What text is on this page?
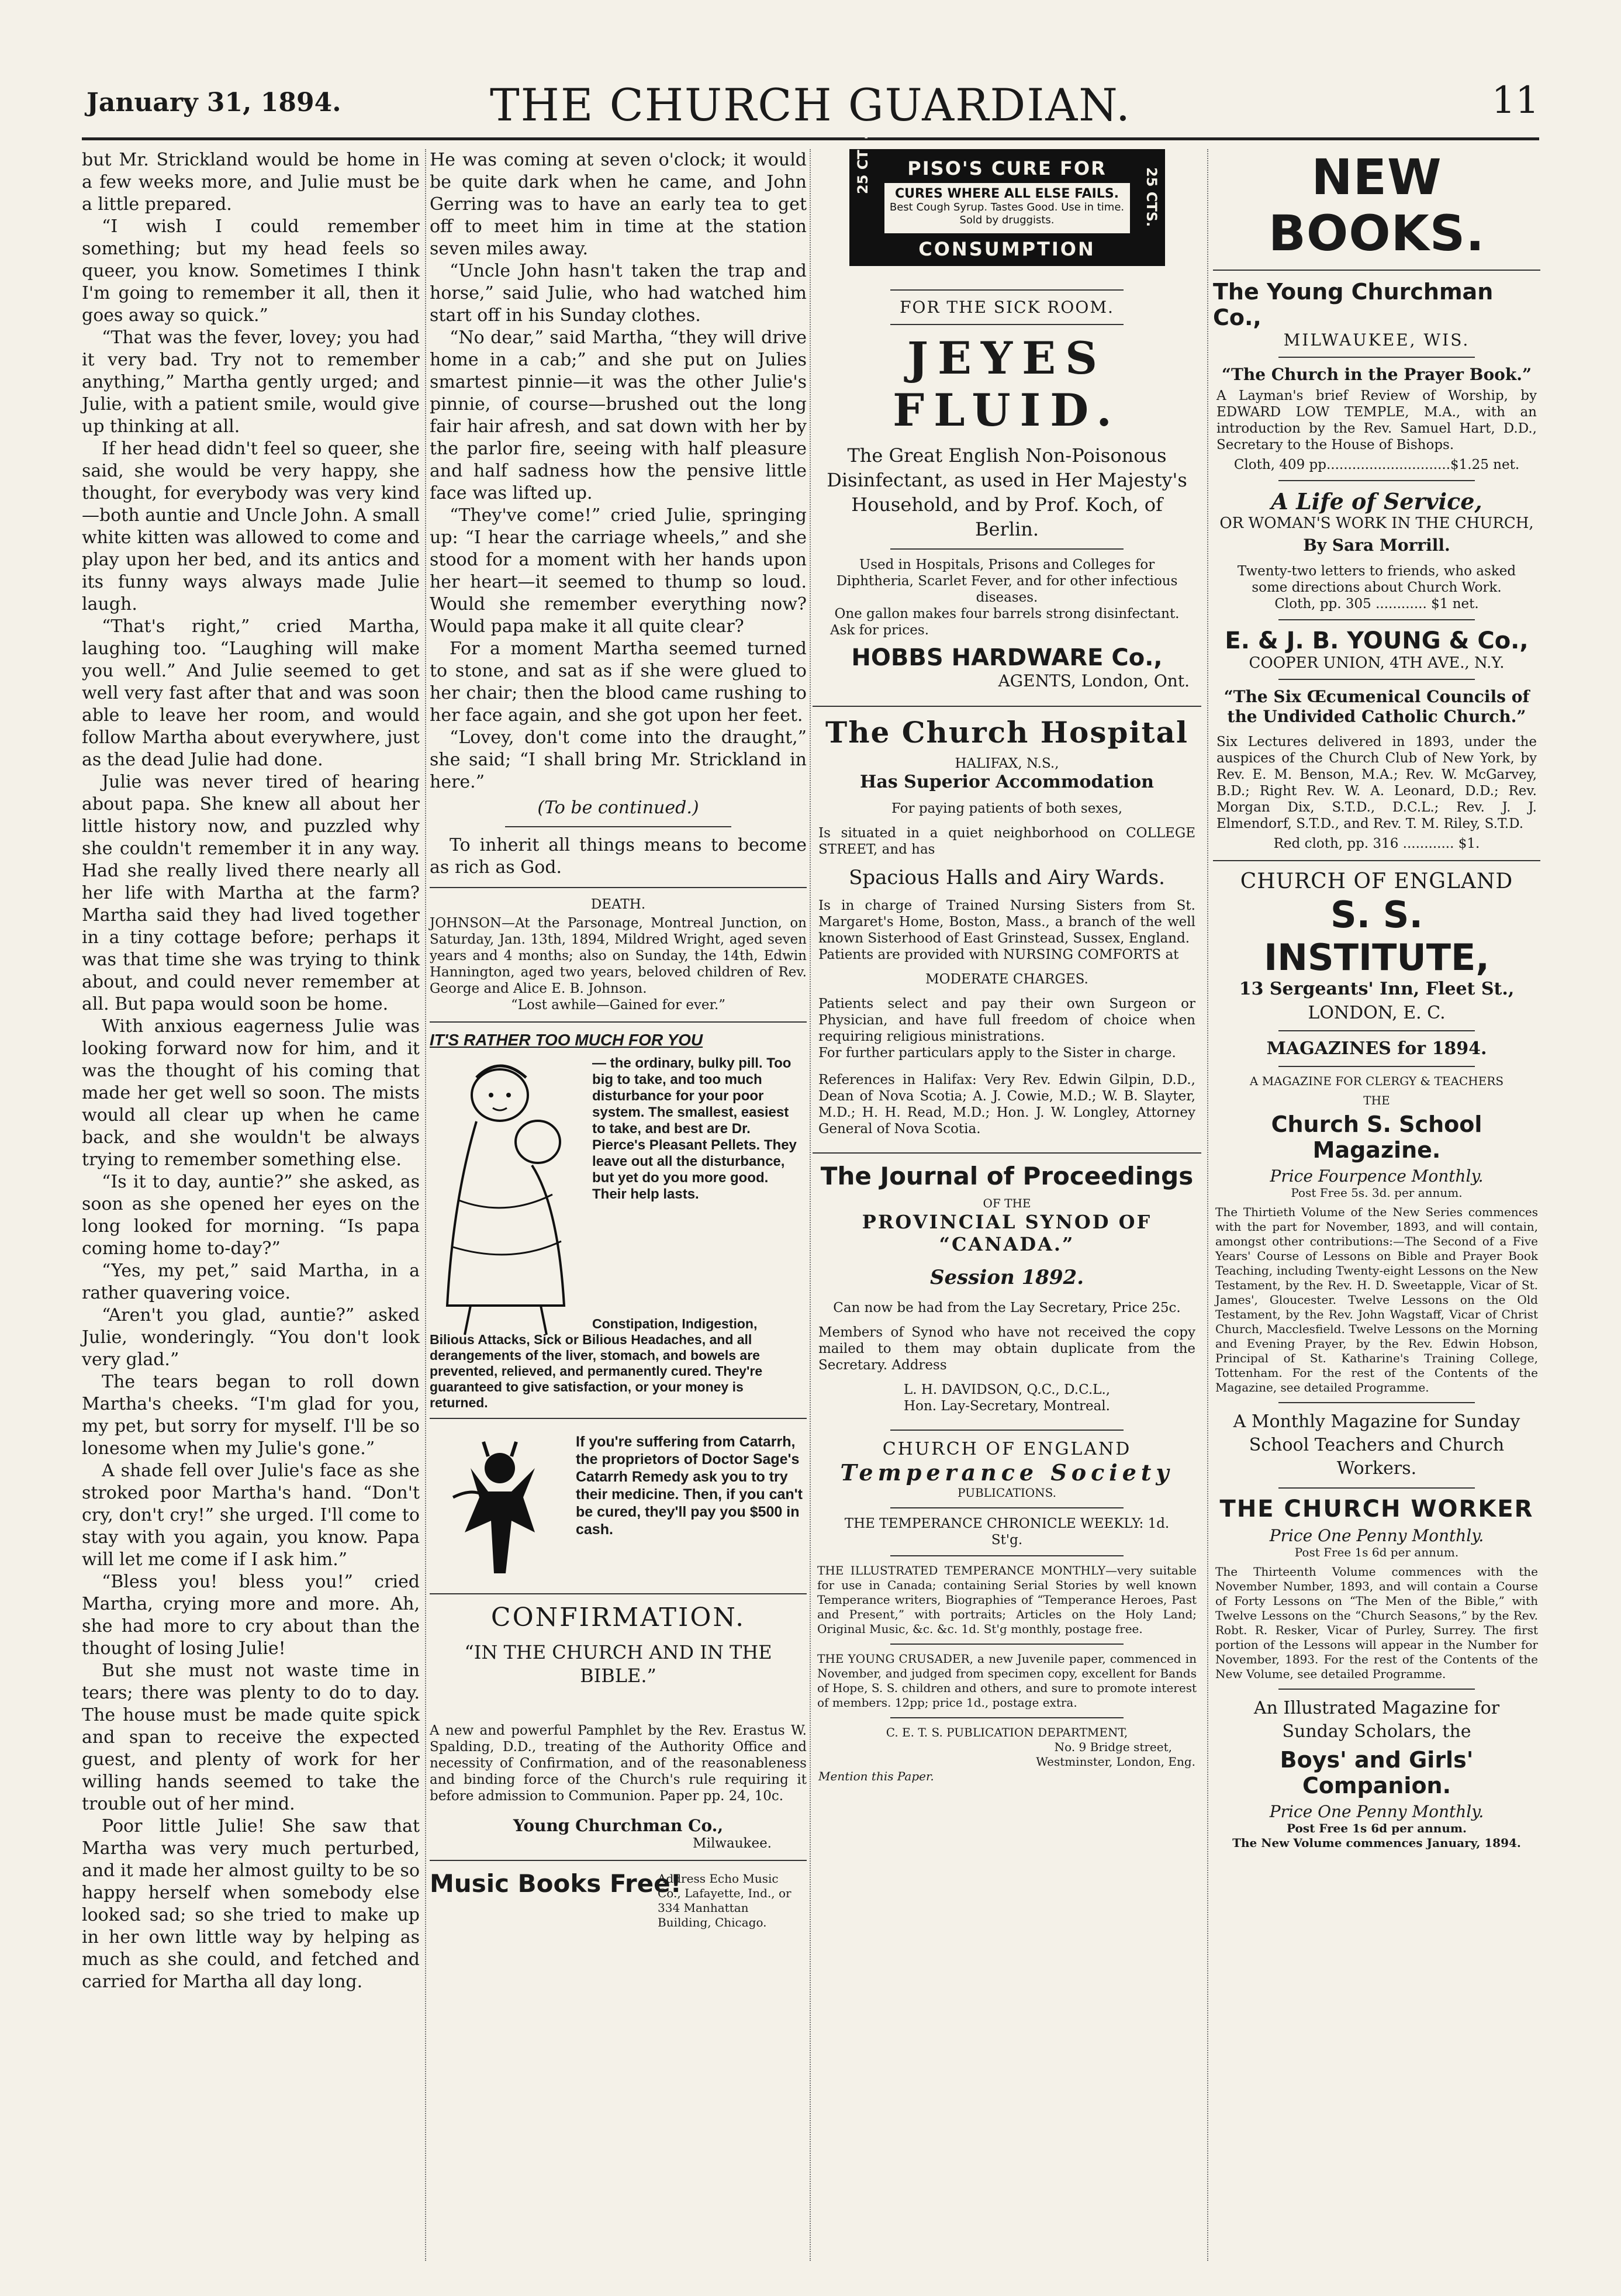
January 31, 1894.	THE CHURCH GUARDIAN.	11

but Mr. Strickland would be home in a few weeks more, and Julie must be a little prepared.

“I wish I could remember something; but my head feels so queer, you know. Sometimes I think I'm going to remember it all, then it goes away so quick.”

“That was the fever, lovey; you had it very bad. Try not to remember anything,” Martha gently urged; and Julie, with a patient smile, would give up thinking at all.

If her head didn't feel so queer, she said, she would be very happy, she thought, for everybody was very kind—both auntie and Uncle John. A small white kitten was allowed to come and play upon her bed, and its antics and its funny ways always made Julie laugh.

“That's right,” cried Martha, laughing too. “Laughing will make you well.” And Julie seemed to get well very fast after that and was soon able to leave her room, and would follow Martha about everywhere, just as the dead Julie had done.

Julie was never tired of hearing about papa. She knew all about her little history now, and puzzled why she couldn't remember it in any way. Had she really lived there nearly all her life with Martha at the farm? Martha said they had lived together in a tiny cottage before; perhaps it was that time she was trying to think about, and could never remember at all. But papa would soon be home.

With anxious eagerness Julie was looking forward now for him, and it was the thought of his coming that made her get well so soon. The mists would all clear up when he came back, and she wouldn't be always trying to remember something else.

“Is it to day, auntie?” she asked, as soon as she opened her eyes on the long looked for morning. “Is papa coming home to-day?”

“Yes, my pet,” said Martha, in a rather quavering voice.

“Aren't you glad, auntie?” asked Julie, wonderingly. “You don't look very glad.”

The tears began to roll down Martha's cheeks. “I'm glad for you, my pet, but sorry for myself. I'll be so lonesome when my Julie's gone.”

A shade fell over Julie's face as she stroked poor Martha's hand. “Don't cry, don't cry!” she urged. I'll come to stay with you again, you know. Papa will let me come if I ask him.”

“Bless you! bless you!” cried Martha, crying more and more. Ah, she had more to cry about than the thought of losing Julie!

But she must not waste time in tears; there was plenty to do to day. The house must be made quite spick and span to receive the expected guest, and plenty of work for her willing hands seemed to take the trouble out of her mind.

Poor little Julie! She saw that Martha was very much perturbed, and it made her almost guilty to be so happy herself when somebody else looked sad; so she tried to make up in her own little way by helping as much as she could, and fetched and carried for Martha all day long.

He was coming at seven o'clock; it would be quite dark when he came, and John Gerring was to have an early tea to get off to meet him in time at the station seven miles away.

“Uncle John hasn't taken the trap and horse,” said Julie, who had watched him start off in his Sunday clothes.

“No dear,” said Martha, “they will drive home in a cab;” and she put on Julies smartest pinnie—it was the other Julie's pinnie, of course—brushed out the long fair hair afresh, and sat down with her by the parlor fire, seeing with half pleasure and half sadness how the pensive little face was lifted up.

“They've come!” cried Julie, springing up: “I hear the carriage wheels,” and she stood for a moment with her hands upon her heart—it seemed to thump so loud. Would she remember everything now? Would papa make it all quite clear?

For a moment Martha seemed turned to stone, and sat as if she were glued to her chair; then the blood came rushing to her face again, and she got upon her feet.

“Lovey, don't come into the draught,” she said; “I shall bring Mr. Strickland in here.”

(To be continued.)

To inherit all things means to become as rich as God.

DEATH.
JOHNSON—At the Parsonage, Montreal Junction, on Saturday, Jan. 13th, 1894, Mildred Wright, aged seven years and 4 months; also on Sunday, the 14th, Edwin Hannington, aged two years, beloved children of Rev. George and Alice E. B. Johnson.
“Lost awhile—Gained for ever.”
IT'S RATHER TOO MUCH FOR YOU
— the ordinary, bulky pill. Too big to take, and too much disturbance for your poor system. The smallest, easiest to take, and best are Dr. Pierce's Pleasant Pellets. They leave out all the disturbance, but yet do you more good. Their help lasts.
Constipation, Indigestion, Bilious Attacks, Sick or Bilious Headaches, and all derangements of the liver, stomach, and bowels are prevented, relieved, and permanently cured. They're guaranteed to give satisfaction, or your money is returned.
If you're suffering from Catarrh, the proprietors of Doctor Sage's Catarrh Remedy ask you to try their medicine. Then, if you can't be cured, they'll pay you $500 in cash.
CONFIRMATION.
“IN THE CHURCH AND IN THE BIBLE.”
A new and powerful Pamphlet by the Rev. Erastus W. Spalding, D.D., treating of the Authority Office and necessity of Confirmation, and of the reasonableness and binding force of the Church's rule requiring it before admission to Communion. Paper pp. 24, 10c.
Young Churchman Co.,
Milwaukee.
Music Books Free!
Address Echo Music Co., Lafayette, Ind., or 334 Manhattan Building, Chicago.
25 CTS.
25 CTS.
PISO'S CURE FOR
CURES WHERE ALL ELSE FAILS.
Best Cough Syrup. Tastes Good. Use in time. Sold by druggists.
CONSUMPTION
FOR THE SICK ROOM.
JEYES FLUID.
The Great English Non-Poisonous Disinfectant, as used in Her Majesty's Household, and by Prof. Koch, of Berlin.
Used in Hospitals, Prisons and Colleges for Diphtheria, Scarlet Fever, and for other infectious diseases.
One gallon makes four barrels strong disinfectant.
Ask for prices.
HOBBS HARDWARE Co.,
AGENTS, London, Ont.
The Church Hospital
HALIFAX, N.S.,
Has Superior Accommodation
For paying patients of both sexes,
Is situated in a quiet neighborhood on COLLEGE STREET, and has
Spacious Halls and Airy Wards.
Is in charge of Trained Nursing Sisters from St. Margaret's Home, Boston, Mass., a branch of the well known Sisterhood of East Grinstead, Sussex, England.
Patients are provided with NURSING COMFORTS at
MODERATE CHARGES.
Patients select and pay their own Surgeon or Physician, and have full freedom of choice when requiring religious ministrations.
For further particulars apply to the Sister in charge.
References in Halifax: Very Rev. Edwin Gilpin, D.D., Dean of Nova Scotia; A. J. Cowie, M.D.; W. B. Slayter, M.D.; H. H. Read, M.D.; Hon. J. W. Longley, Attorney General of Nova Scotia.
The Journal of Proceedings
OF THE
PROVINCIAL SYNOD OF “CANADA.”
Session 1892.
Can now be had from the Lay Secretary, Price 25c.
Members of Synod who have not received the copy mailed to them may obtain duplicate from the Secretary. Address
L. H. DAVIDSON, Q.C., D.C.L.,
Hon. Lay-Secretary, Montreal.
CHURCH OF ENGLAND
Temperance Society
PUBLICATIONS.
THE TEMPERANCE CHRONICLE WEEKLY: 1d. St'g.
THE ILLUSTRATED TEMPERANCE MONTHLY—very suitable for use in Canada; containing Serial Stories by well known Temperance writers, Biographies of “Temperance Heroes, Past and Present,” with portraits; Articles on the Holy Land; Original Music, &c. &c. 1d. St'g monthly, postage free.
THE YOUNG CRUSADER, a new Juvenile paper, commenced in November, and judged from specimen copy, excellent for Bands of Hope, S. S. children and others, and sure to promote interest of members. 12pp; price 1d., postage extra.
C. E. T. S. PUBLICATION DEPARTMENT,
No. 9 Bridge street,
Westminster, London, Eng.
Mention this Paper.
NEW BOOKS.
The Young Churchman Co.,
MILWAUKEE, WIS.
“The Church in the Prayer Book.”
A Layman's brief Review of Worship, by EDWARD LOW TEMPLE, M.A., with an introduction by the Rev. Samuel Hart, D.D., Secretary to the House of Bishops.
Cloth, 409 pp.............................$1.25 net.
A Life of Service,
OR WOMAN'S WORK IN THE CHURCH,
By Sara Morrill.
Twenty-two letters to friends, who asked some directions about Church Work.
Cloth, pp. 305 ............ $1 net.
E. & J. B. YOUNG & Co.,
COOPER UNION, 4TH AVE., N.Y.
“The Six Œcumenical Councils of the Undivided Catholic Church.”
Six Lectures delivered in 1893, under the auspices of the Church Club of New York, by Rev. E. M. Benson, M.A.; Rev. W. McGarvey, B.D.; Right Rev. W. A. Leonard, D.D.; Rev. Morgan Dix, S.T.D., D.C.L.; Rev. J. J. Elmendorf, S.T.D., and Rev. T. M. Riley, S.T.D.
Red cloth, pp. 316 ............ $1.
CHURCH OF ENGLAND
S. S. INSTITUTE,
13 Sergeants' Inn, Fleet St.,
LONDON, E. C.
MAGAZINES for 1894.
A MAGAZINE FOR CLERGY & TEACHERS
THE
Church S. School Magazine.
Price Fourpence Monthly.
Post Free 5s. 3d. per annum.
The Thirtieth Volume of the New Series commences with the part for November, 1893, and will contain, amongst other contributions:—The Second of a Five Years' Course of Lessons on Bible and Prayer Book Teaching, including Twenty-eight Lessons on the New Testament, by the Rev. H. D. Sweetapple, Vicar of St. James', Gloucester. Twelve Lessons on the Old Testament, by the Rev. John Wagstaff, Vicar of Christ Church, Macclesfield. Twelve Lessons on the Morning and Evening Prayer, by the Rev. Edwin Hobson, Principal of St. Katharine's Training College, Tottenham. For the rest of the Contents of the Magazine, see detailed Programme.
A Monthly Magazine for Sunday School Teachers and Church Workers.
THE CHURCH WORKER
Price One Penny Monthly.
Post Free 1s 6d per annum.
The Thirteenth Volume commences with the November Number, 1893, and will contain a Course of Forty Lessons on “The Men of the Bible,” with Twelve Lessons on the “Church Seasons,” by the Rev. Robt. R. Resker, Vicar of Purley, Surrey. The first portion of the Lessons will appear in the Number for November, 1893. For the rest of the Contents of the New Volume, see detailed Programme.
An Illustrated Magazine for Sunday Scholars, the
Boys' and Girls' Companion.
Price One Penny Monthly.
Post Free 1s 6d per annum.
The New Volume commences January, 1894.
